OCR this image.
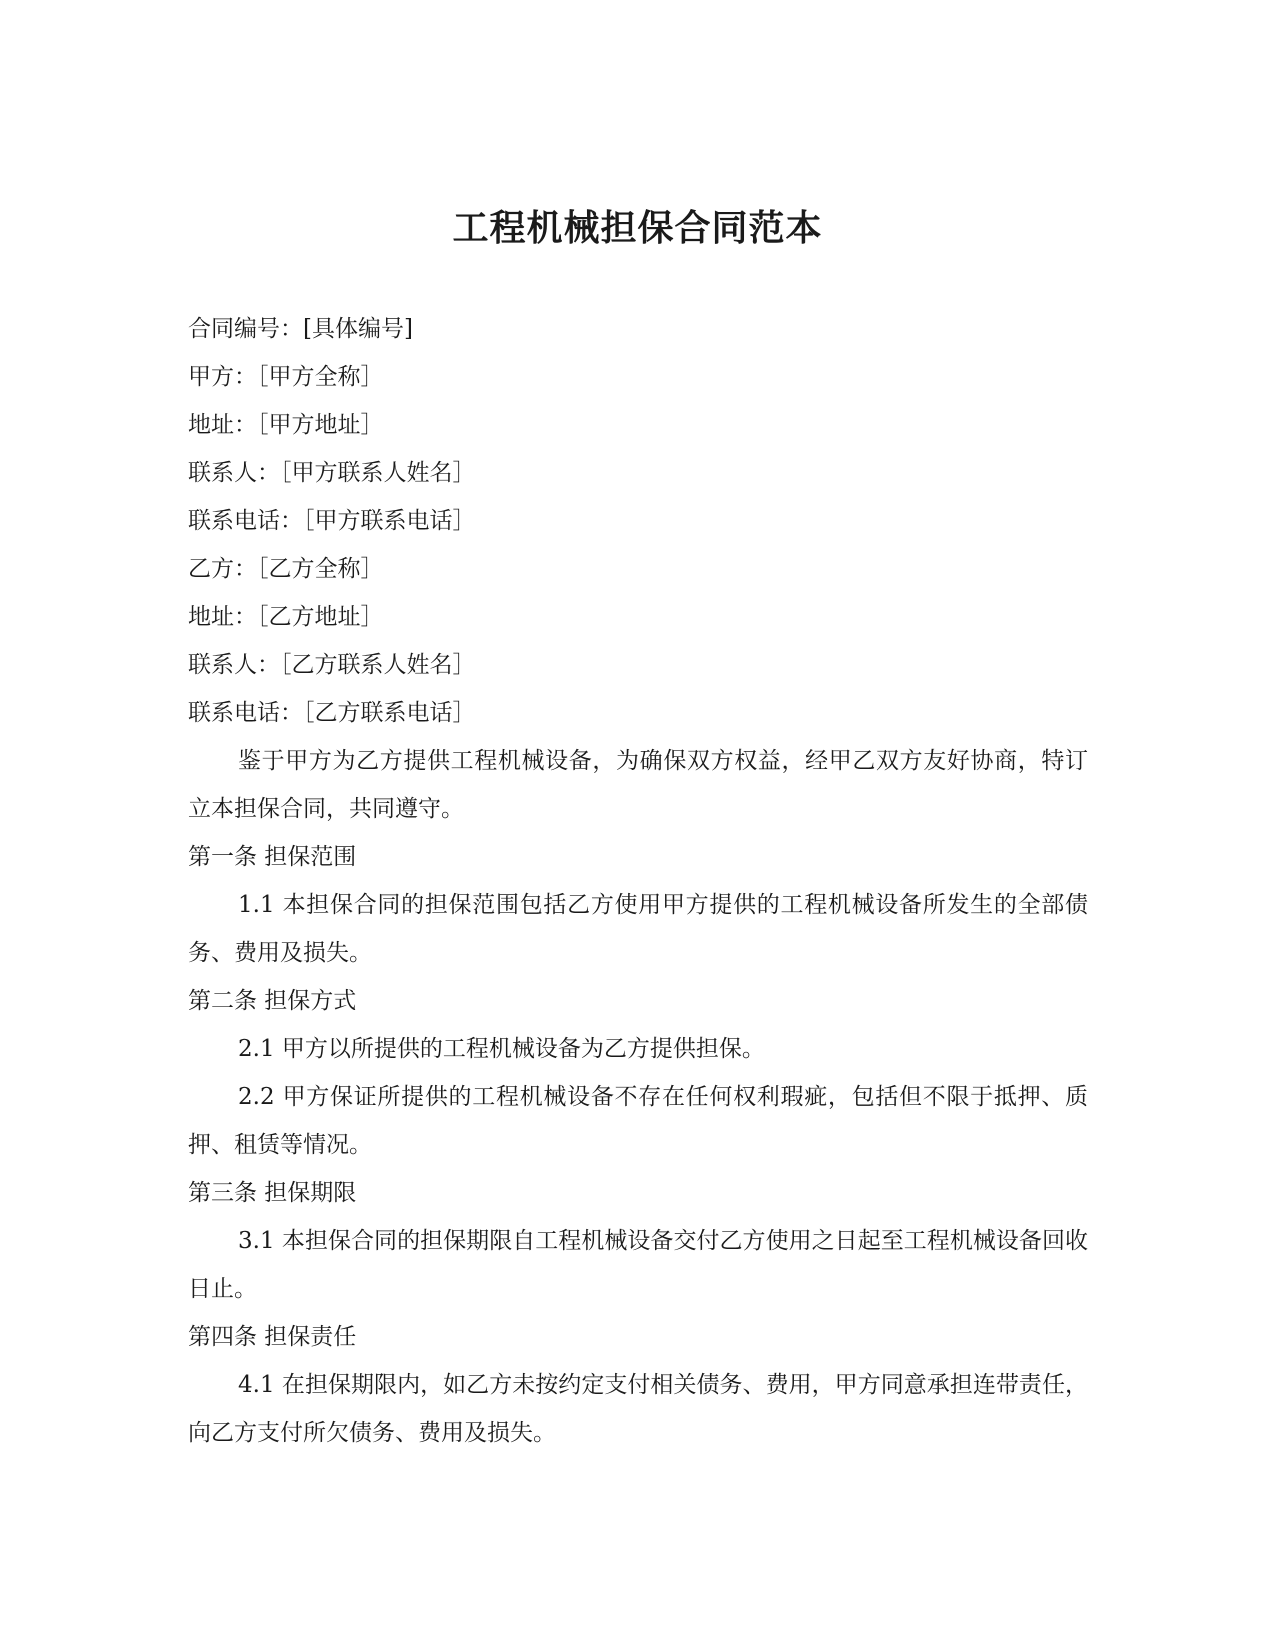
工程机械担保合同范本
合同编号：[具体编号]
甲方：［甲方全称］
地址：［甲方地址］
联系人：［甲方联系人姓名］
联系电话：［甲方联系电话］
乙方：［乙方全称］
地址：［乙方地址］
联系人：［乙方联系人姓名］
联系电话：［乙方联系电话］
鉴于甲方为乙方提供工程机械设备，为确保双方权益，经甲乙双方友好协商，特订立本担保合同，共同遵守。
第一条 担保范围
1.1 本担保合同的担保范围包括乙方使用甲方提供的工程机械设备所发生的全部债务、费用及损失。
第二条 担保方式
2.1 甲方以所提供的工程机械设备为乙方提供担保。
2.2 甲方保证所提供的工程机械设备不存在任何权利瑕疵，包括但不限于抵押、质押、租赁等情况。
第三条 担保期限
3.1 本担保合同的担保期限自工程机械设备交付乙方使用之日起至工程机械设备回收日止。
第四条 担保责任
4.1 在担保期限内，如乙方未按约定支付相关债务、费用，甲方同意承担连带责任，向乙方支付所欠债务、费用及损失。
